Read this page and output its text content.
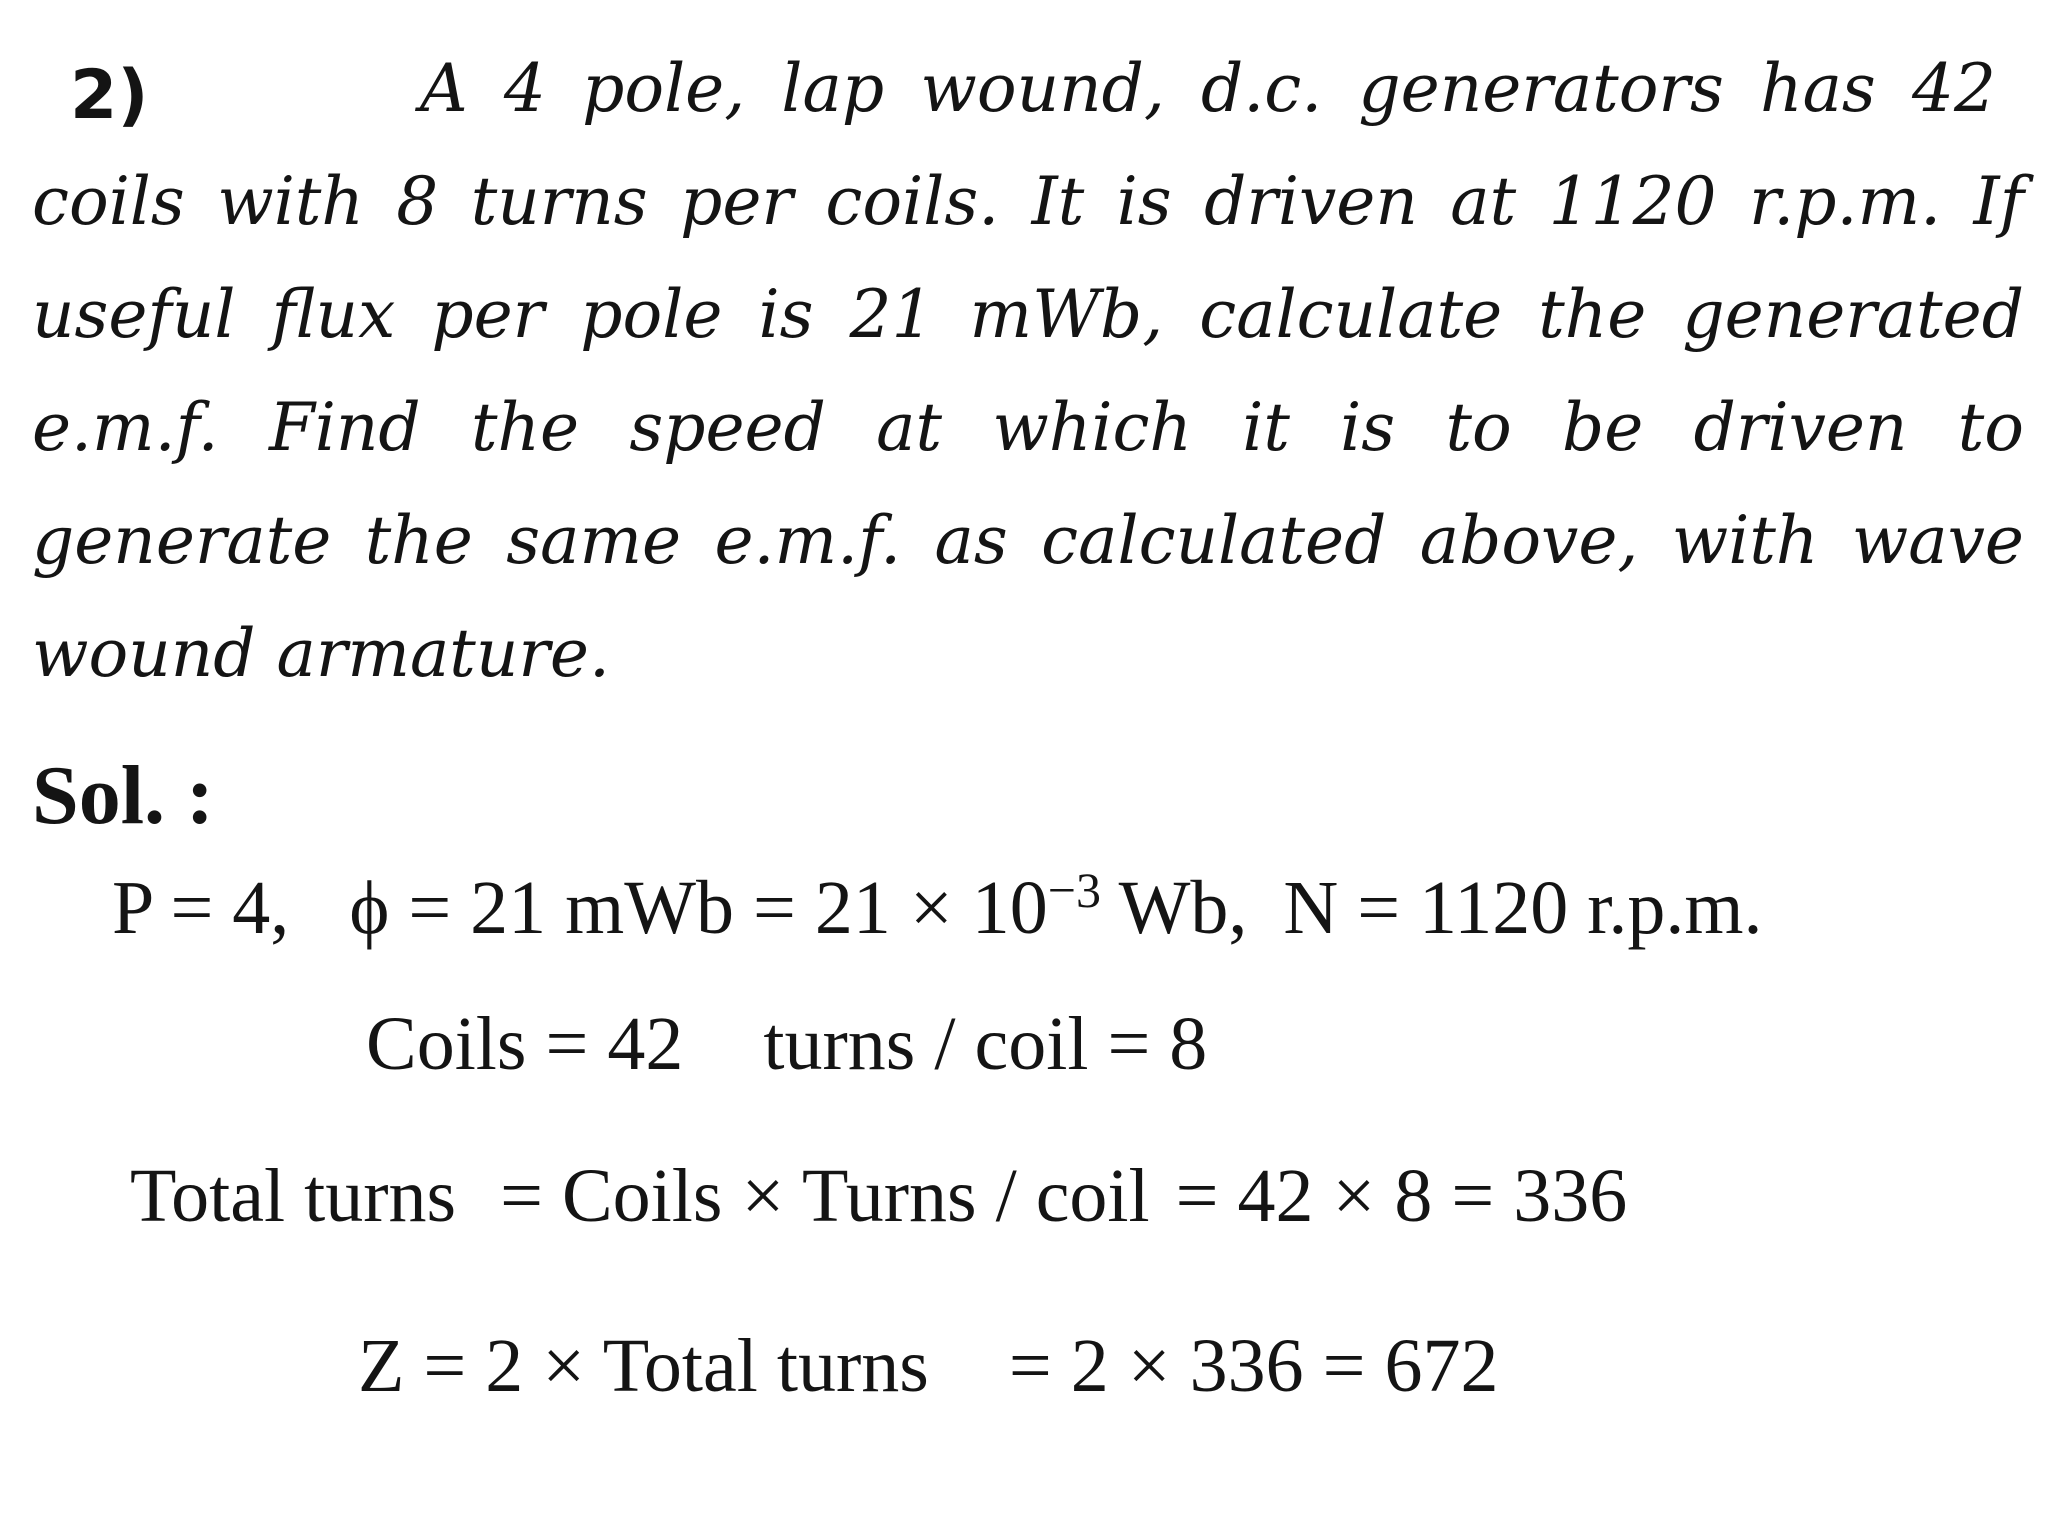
2)	A 4 pole, lap wound, d.c. generators has 42
coils with 8 turns per coils. It is driven at 1120 r.p.m. If
useful flux per pole is 21 mWb, calculate the generated
e.m.f. Find the speed at which it is to be driven to
generate the same e.m.f. as calculated above, with wave
wound armature.
Sol. :
P = 4, ϕ = 21 mWb = $21 \times 10^{-3}$ Wb, N = 1120 r.p.m.
Coils = 42 turns / coil = 8
Total turns = Coils × Turns / coil = 42 × 8 = 336
Z = 2 × Total turns = 2 × 336 = 672
